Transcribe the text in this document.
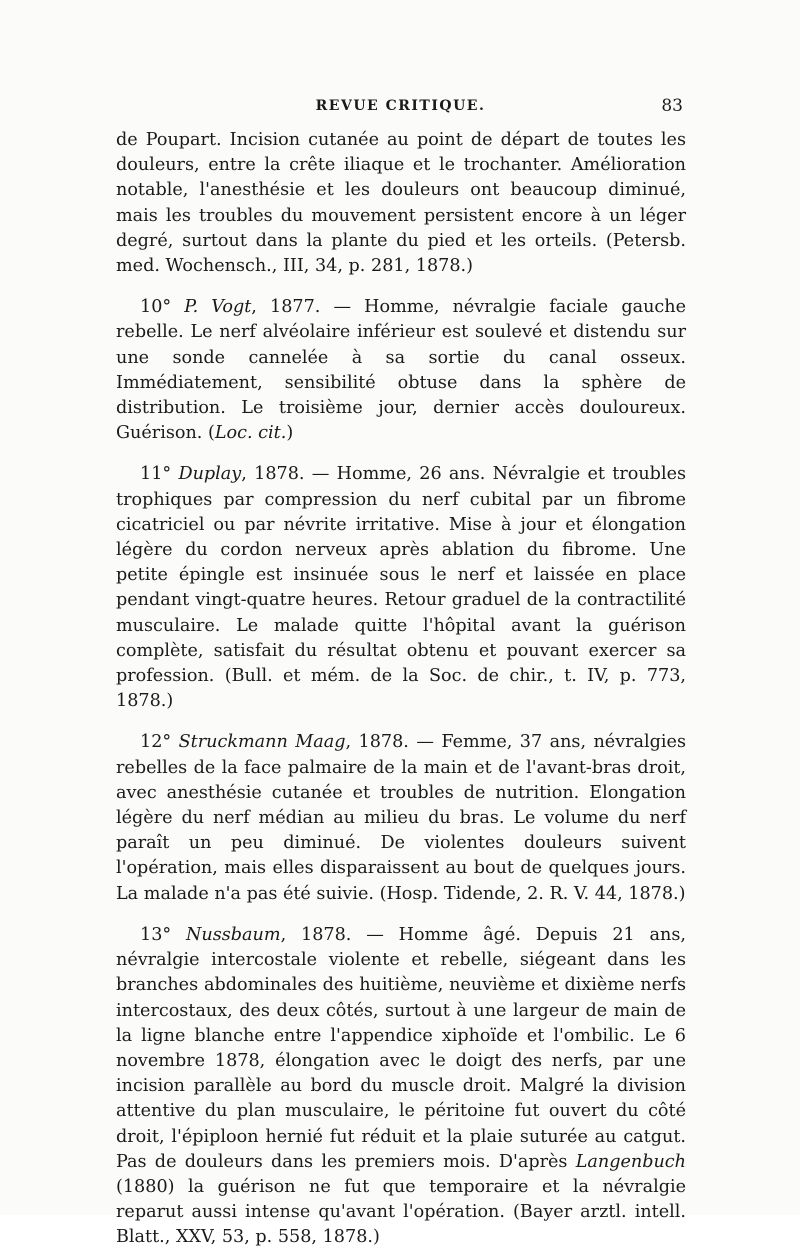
REVUE CRITIQUE.	83

de Poupart. Incision cutanée au point de départ de toutes les douleurs, entre la crête iliaque et le trochanter. Amélioration notable, l'anesthésie et les douleurs ont beaucoup diminué, mais les troubles du mouvement persistent encore à un léger degré, surtout dans la plante du pied et les orteils. (Petersb. med. Wochensch., III, 34, p. 281, 1878.)

10° P. Vogt, 1877. — Homme, névralgie faciale gauche rebelle. Le nerf alvéolaire inférieur est soulevé et distendu sur une sonde cannelée à sa sortie du canal osseux. Immédiatement, sensibilité obtuse dans la sphère de distribution. Le troisième jour, dernier accès douloureux. Guérison. (Loc. cit.)

11° Duplay, 1878. — Homme, 26 ans. Névralgie et troubles trophiques par compression du nerf cubital par un fibrome cicatriciel ou par névrite irritative. Mise à jour et élongation légère du cordon nerveux après ablation du fibrome. Une petite épingle est insinuée sous le nerf et laissée en place pendant vingt-quatre heures. Retour graduel de la contractilité musculaire. Le malade quitte l'hôpital avant la guérison complète, satisfait du résultat obtenu et pouvant exercer sa profession. (Bull. et mém. de la Soc. de chir., t. IV, p. 773, 1878.)

12° Struckmann Maag, 1878. — Femme, 37 ans, névralgies rebelles de la face palmaire de la main et de l'avant-bras droit, avec anesthésie cutanée et troubles de nutrition. Elongation légère du nerf médian au milieu du bras. Le volume du nerf paraît un peu diminué. De violentes douleurs suivent l'opération, mais elles disparaissent au bout de quelques jours. La malade n'a pas été suivie. (Hosp. Tidende, 2. R. V. 44, 1878.)

13° Nussbaum, 1878. — Homme âgé. Depuis 21 ans, névralgie intercostale violente et rebelle, siégeant dans les branches abdominales des huitième, neuvième et dixième nerfs intercostaux, des deux côtés, surtout à une largeur de main de la ligne blanche entre l'appendice xiphoïde et l'ombilic. Le 6 novembre 1878, élongation avec le doigt des nerfs, par une incision parallèle au bord du muscle droit. Malgré la division attentive du plan musculaire, le péritoine fut ouvert du côté droit, l'épiploon hernié fut réduit et la plaie suturée au catgut. Pas de douleurs dans les premiers mois. D'après Langenbuch (1880) la guérison ne fut que temporaire et la névralgie reparut aussi intense qu'avant l'opération. (Bayer arztl. intell. Blatt., XXV, 53, p. 558, 1878.)
